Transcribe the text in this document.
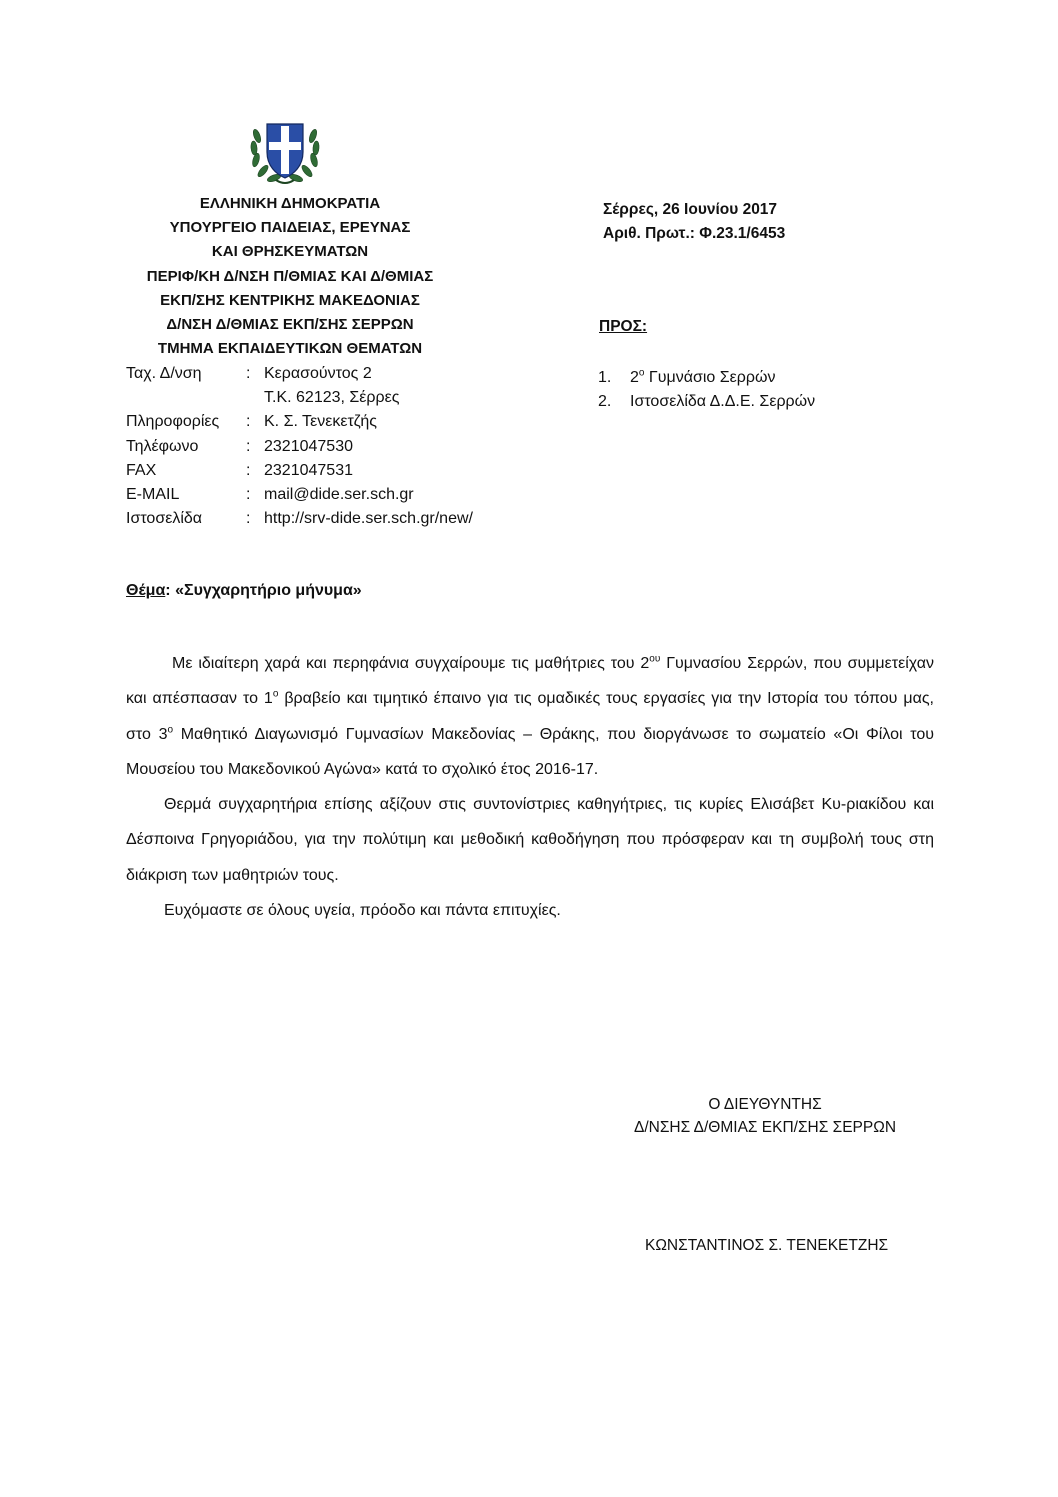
ΕΛΛΗΝΙΚΗ ΔΗΜΟΚΡΑΤΙΑ
ΥΠΟΥΡΓΕΙΟ ΠΑΙΔΕΙΑΣ, ΕΡΕΥΝΑΣ
ΚΑΙ ΘΡΗΣΚΕΥΜΑΤΩΝ
ΠΕΡΙΦ/ΚΗ Δ/ΝΣΗ Π/ΘΜΙΑΣ ΚΑΙ Δ/ΘΜΙΑΣ
ΕΚΠ/ΣΗΣ ΚΕΝΤΡΙΚΗΣ ΜΑΚΕΔΟΝΙΑΣ
Δ/ΝΣΗ Δ/ΘΜΙΑΣ ΕΚΠ/ΣΗΣ ΣΕΡΡΩΝ
ΤΜΗΜΑ ΕΚΠΑΙΔΕΥΤΙΚΩΝ ΘΕΜΑΤΩΝ
Ταχ. Δ/νση	: Κερασούντος 2
Τ.Κ. 62123, Σέρρες
Πληροφορίες	: Κ. Σ. Τενεκετζής
Τηλέφωνο	: 2321047530
FAX	: 2321047531
E-MAIL	: mail@dide.ser.sch.gr
Ιστοσελίδα	: http://srv-dide.ser.sch.gr/new/
Σέρρες, 26 Ιουνίου 2017
Αριθ. Πρωτ.: Φ.23.1/6453
ΠΡΟΣ:
1.	$2^o$ Γυμνάσιο Σερρών
2.	Ιστοσελίδα Δ.Δ.Ε. Σερρών
Θέμα: «Συγχαρητήριο μήνυμα»

Με ιδιαίτερη χαρά και περηφάνια συγχαίρουμε τις μαθήτριες του $2^{o\upsilon}$ Γυμνασίου Σερρών, που συμμετείχαν και απέσπασαν το $1^o$ βραβείο και τιμητικό έπαινο για τις ομαδικές τους εργασίες για την Ιστορία του τόπου μας, στο $3^o$ Μαθητικό Διαγωνισμό Γυμνασίων Μακεδονίας – Θράκης, που διοργάνωσε το σωματείο «Οι Φίλοι του Μουσείου του Μακεδονικού Αγώνα» κατά το σχολικό έτος 2016-17.

Θερμά συγχαρητήρια επίσης αξίζουν στις συντονίστριες καθηγήτριες, τις κυρίες Ελισάβετ Κυ-ριακίδου και Δέσποινα Γρηγοριάδου, για την πολύτιμη και μεθοδική καθοδήγηση που πρόσφεραν και τη συμβολή τους στη διάκριση των μαθητριών τους.

Ευχόμαστε σε όλους υγεία, πρόοδο και πάντα επιτυχίες.

Ο ΔΙΕΥΘΥΝΤΗΣ
Δ/ΝΣΗΣ Δ/ΘΜΙΑΣ ΕΚΠ/ΣΗΣ ΣΕΡΡΩΝ
ΚΩΝΣΤΑΝΤΙΝΟΣ Σ. ΤΕΝΕΚΕΤΖΗΣ
